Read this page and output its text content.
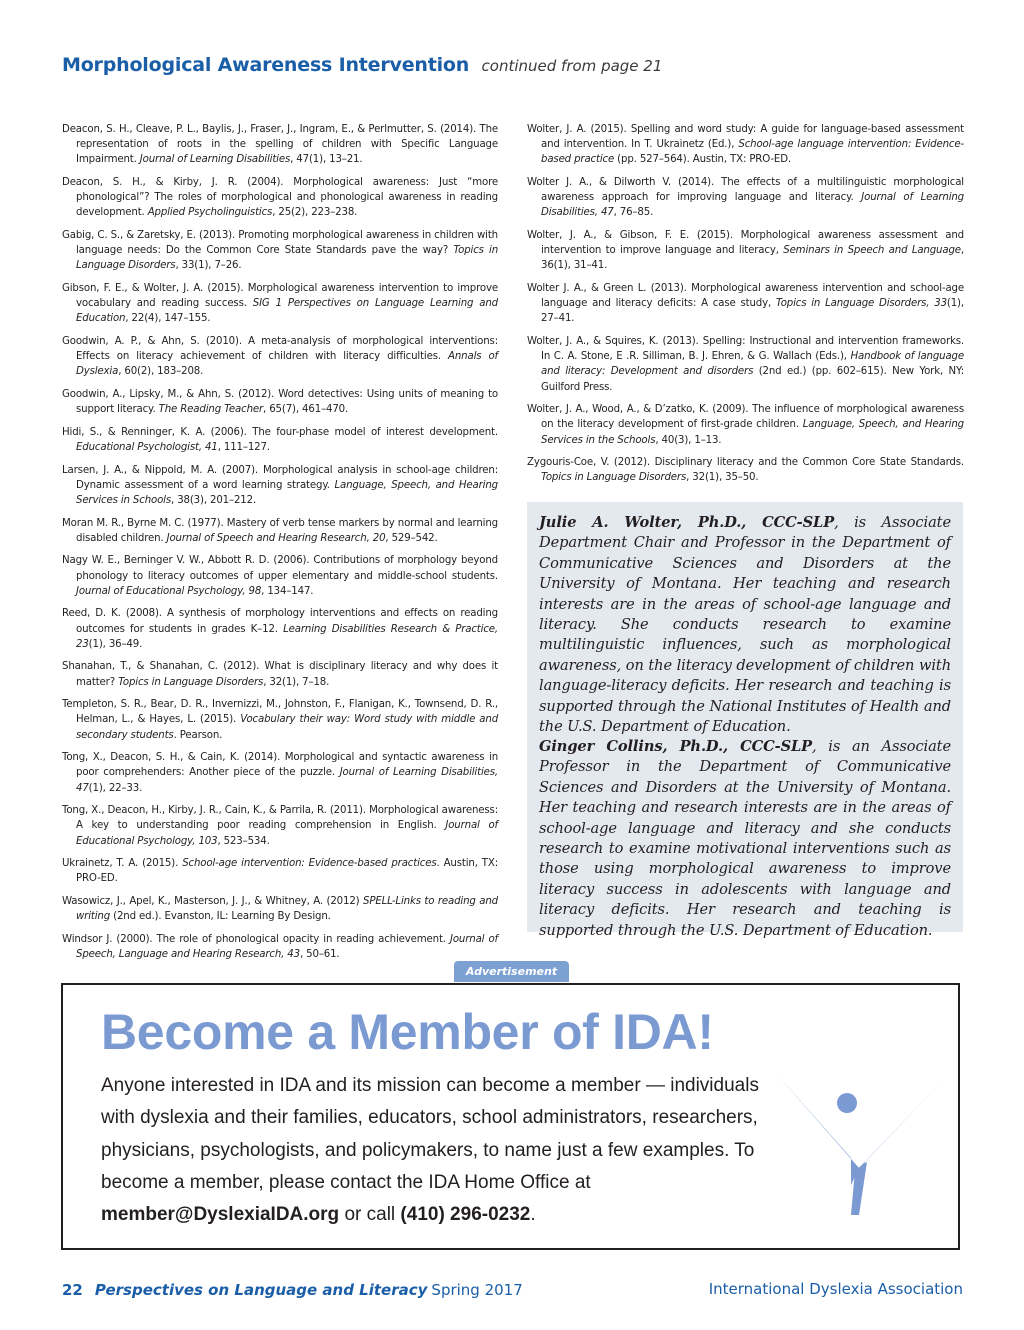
Morphological Awareness Intervention continued from page 21

Deacon, S. H., Cleave, P. L., Baylis, J., Fraser, J., Ingram, E., & Perlmutter, S. (2014). The representation of roots in the spelling of children with Specific Language Impairment. Journal of Learning Disabilities, 47(1), 13–21.

Deacon, S. H., & Kirby, J. R. (2004). Morphological awareness: Just “more phonological”? The roles of morphological and phonological awareness in reading development. Applied Psycholinguistics, 25(2), 223–238.

Gabig, C. S., & Zaretsky, E. (2013). Promoting morphological awareness in children with language needs: Do the Common Core State Standards pave the way? Topics in Language Disorders, 33(1), 7–26.

Gibson, F. E., & Wolter, J. A. (2015). Morphological awareness intervention to improve vocabulary and reading success. SIG 1 Perspectives on Language Learning and Education, 22(4), 147–155.

Goodwin, A. P., & Ahn, S. (2010). A meta-analysis of morphological interventions: Effects on literacy achievement of children with literacy difficulties. Annals of Dyslexia, 60(2), 183–208.

Goodwin, A., Lipsky, M., & Ahn, S. (2012). Word detectives: Using units of meaning to support literacy. The Reading Teacher, 65(7), 461–470.

Hidi, S., & Renninger, K. A. (2006). The four-phase model of interest development. Educational Psychologist, 41, 111–127.

Larsen, J. A., & Nippold, M. A. (2007). Morphological analysis in school-age children: Dynamic assessment of a word learning strategy. Language, Speech, and Hearing Services in Schools, 38(3), 201–212.

Moran M. R., Byrne M. C. (1977). Mastery of verb tense markers by normal and learning disabled children. Journal of Speech and Hearing Research, 20, 529–542.

Nagy W. E., Berninger V. W., Abbott R. D. (2006). Contributions of morphology beyond phonology to literacy outcomes of upper elementary and middle-school students. Journal of Educational Psychology, 98, 134–147.

Reed, D. K. (2008). A synthesis of morphology interventions and effects on reading outcomes for students in grades K–12. Learning Disabilities Research & Practice, 23(1), 36–49.

Shanahan, T., & Shanahan, C. (2012). What is disciplinary literacy and why does it matter? Topics in Language Disorders, 32(1), 7–18.

Templeton, S. R., Bear, D. R., Invernizzi, M., Johnston, F., Flanigan, K., Townsend, D. R., Helman, L., & Hayes, L. (2015). Vocabulary their way: Word study with middle and secondary students. Pearson.

Tong, X., Deacon, S. H., & Cain, K. (2014). Morphological and syntactic awareness in poor comprehenders: Another piece of the puzzle. Journal of Learning Disabilities, 47(1), 22–33.

Tong, X., Deacon, H., Kirby, J. R., Cain, K., & Parrila, R. (2011). Morphological awareness: A key to understanding poor reading comprehension in English. Journal of Educational Psychology, 103, 523–534.

Ukrainetz, T. A. (2015). School-age intervention: Evidence-based practices. Austin, TX: PRO-ED.

Wasowicz, J., Apel, K., Masterson, J. J., & Whitney, A. (2012) SPELL-Links to reading and writing (2nd ed.). Evanston, IL: Learning By Design.

Windsor J. (2000). The role of phonological opacity in reading achievement. Journal of Speech, Language and Hearing Research, 43, 50–61.

Wolter, J. A. (2015). Spelling and word study: A guide for language-based assessment and intervention. In T. Ukrainetz (Ed.), School-age language intervention: Evidence-based practice (pp. 527–564). Austin, TX: PRO-ED.

Wolter J. A., & Dilworth V. (2014). The effects of a multilinguistic morphological awareness approach for improving language and literacy. Journal of Learning Disabilities, 47, 76–85.

Wolter, J. A., & Gibson, F. E. (2015). Morphological awareness assessment and intervention to improve language and literacy, Seminars in Speech and Language, 36(1), 31–41.

Wolter J. A., & Green L. (2013). Morphological awareness intervention and school-age language and literacy deficits: A case study, Topics in Language Disorders, 33(1), 27–41.

Wolter, J. A., & Squires, K. (2013). Spelling: Instructional and intervention frameworks. In C. A. Stone, E .R. Silliman, B. J. Ehren, & G. Wallach (Eds.), Handbook of language and literacy: Development and disorders (2nd ed.) (pp. 602–615). New York, NY: Guilford Press.

Wolter, J. A., Wood, A., & D’zatko, K. (2009). The influence of morphological awareness on the literacy development of first-grade children. Language, Speech, and Hearing Services in the Schools, 40(3), 1–13.

Zygouris-Coe, V. (2012). Disciplinary literacy and the Common Core State Standards. Topics in Language Disorders, 32(1), 35–50.

Julie A. Wolter, Ph.D., CCC-SLP, is Associate Department Chair and Professor in the Department of Communicative Sciences and Disorders at the University of Montana. Her teaching and research interests are in the areas of school-age language and literacy. She conducts research to examine multilinguistic influences, such as morphological awareness, on the literacy development of children with language-literacy deficits. Her research and teaching is supported through the National Institutes of Health and the U.S. Department of Education.

Ginger Collins, Ph.D., CCC-SLP, is an Associate Professor in the Department of Communicative Sciences and Disorders at the University of Montana. Her teaching and research interests are in the areas of school-age language and literacy and she conducts research to examine motivational interventions such as those using morphological awareness to improve literacy success in adolescents with language and literacy deficits. Her research and teaching is supported through the U.S. Department of Education.

Advertisement
Become a Member of IDA!

Anyone interested in IDA and its mission can become a member — individuals with dyslexia and their families, educators, school administrators, researchers, physicians, psychologists, and policymakers, to name just a few examples. To become a member, please contact the IDA Home Office at member@DyslexiaIDA.org or call (410) 296-0232.

22 Perspectives on Language and Literacy Spring 2017	International Dyslexia Association
